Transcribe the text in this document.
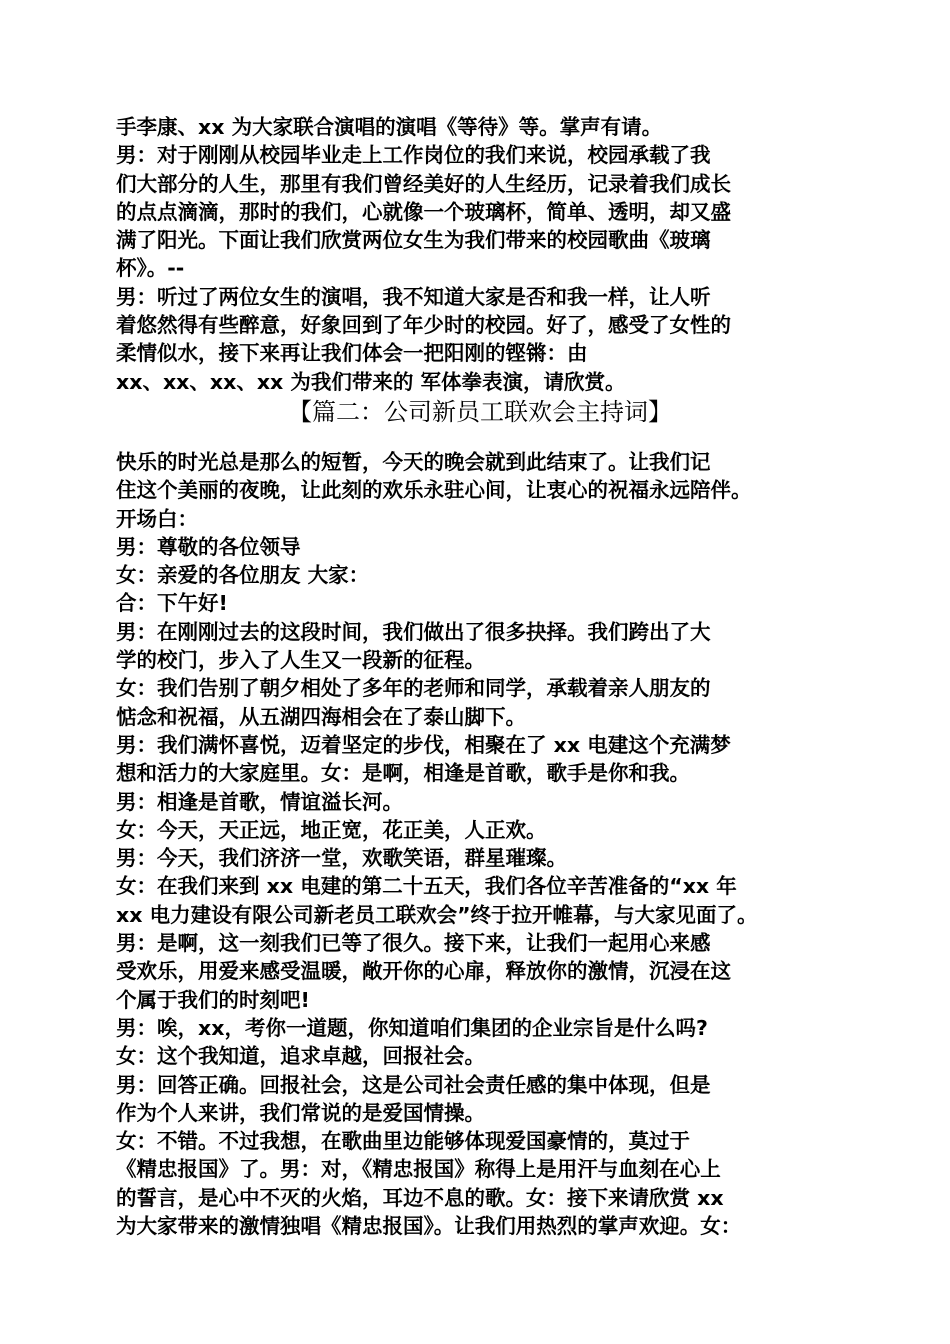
手李康、xx 为大家联合演唱的演唱《等待》等。掌声有请。
男：对于刚刚从校园毕业走上工作岗位的我们来说，校园承载了我
们大部分的人生，那里有我们曾经美好的人生经历，记录着我们成长
的点点滴滴，那时的我们，心就像一个玻璃杯，简单、透明，却又盛
满了阳光。下面让我们欣赏两位女生为我们带来的校园歌曲《玻璃
杯》。--
男：听过了两位女生的演唱，我不知道大家是否和我一样，让人听
着悠然得有些醉意，好象回到了年少时的校园。好了，感受了女性的
柔情似水，接下来再让我们体会一把阳刚的铿锵：由
xx、xx、xx、xx 为我们带来的 军体拳表演，请欣赏。
【篇二：公司新员工联欢会主持词】
快乐的时光总是那么的短暂，今天的晚会就到此结束了。让我们记
住这个美丽的夜晚，让此刻的欢乐永驻心间，让衷心的祝福永远陪伴。
开场白：
男：尊敬的各位领导
女：亲爱的各位朋友 大家：
合：下午好!
男：在刚刚过去的这段时间，我们做出了很多抉择。我们跨出了大
学的校门，步入了人生又一段新的征程。
女：我们告别了朝夕相处了多年的老师和同学，承载着亲人朋友的
惦念和祝福，从五湖四海相会在了泰山脚下。
男：我们满怀喜悦，迈着坚定的步伐，相聚在了 xx 电建这个充满梦
想和活力的大家庭里。女：是啊，相逢是首歌，歌手是你和我。
男：相逢是首歌，情谊溢长河。
女：今天，天正远，地正宽，花正美，人正欢。
男：今天，我们济济一堂，欢歌笑语，群星璀璨。
女：在我们来到 xx 电建的第二十五天，我们各位辛苦准备的“xx 年
xx 电力建设有限公司新老员工联欢会”终于拉开帷幕，与大家见面了。
男：是啊，这一刻我们已等了很久。接下来，让我们一起用心来感
受欢乐，用爱来感受温暖，敞开你的心扉，释放你的激情，沉浸在这
个属于我们的时刻吧!
男：唉，xx，考你一道题，你知道咱们集团的企业宗旨是什么吗?
女：这个我知道，追求卓越，回报社会。
男：回答正确。回报社会，这是公司社会责任感的集中体现，但是
作为个人来讲，我们常说的是爱国情操。
女：不错。不过我想，在歌曲里边能够体现爱国豪情的，莫过于
《精忠报国》了。男：对，《精忠报国》称得上是用汗与血刻在心上
的誓言，是心中不灭的火焰，耳边不息的歌。女：接下来请欣赏 xx
为大家带来的激情独唱《精忠报国》。让我们用热烈的掌声欢迎。女：
